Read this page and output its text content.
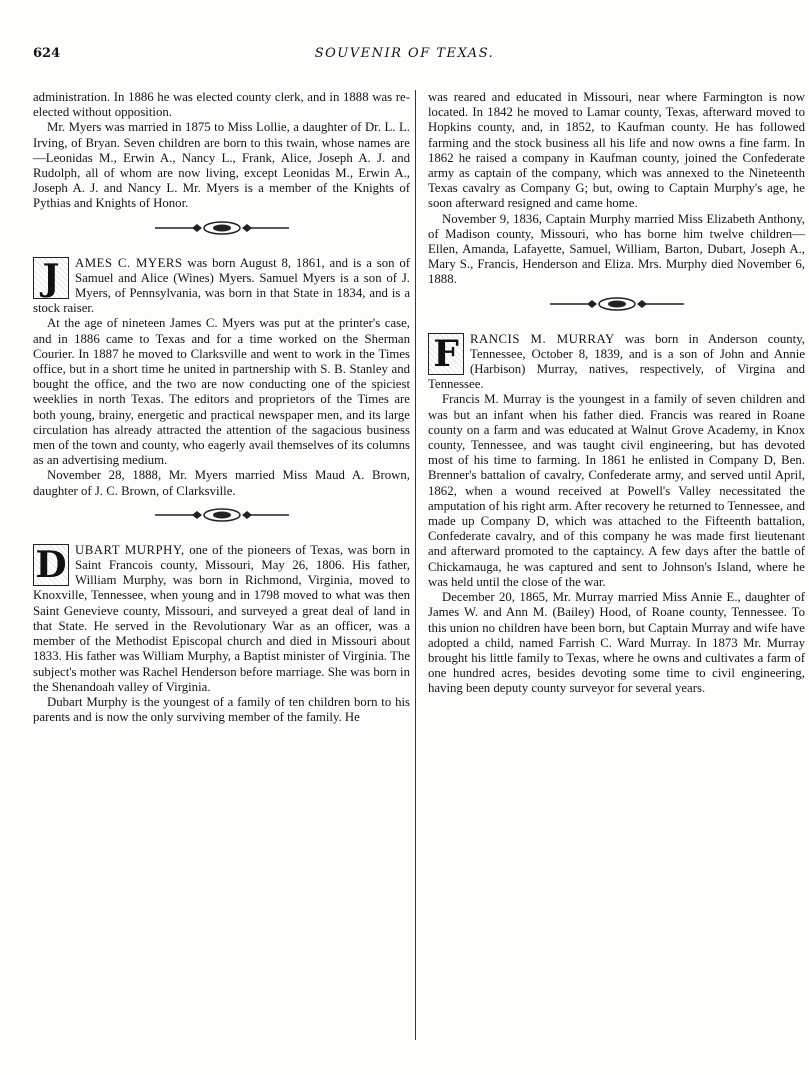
624	SOUVENIR OF TEXAS.

administration. In 1886 he was elected county clerk, and in 1888 was re-elected without opposition.

Mr. Myers was married in 1875 to Miss Lollie, a daughter of Dr. L. L. Irving, of Bryan. Seven children are born to this twain, whose names are—Leonidas M., Erwin A., Nancy L., Frank, Alice, Joseph A. J. and Rudolph, all of whom are now living, except Leonidas M., Erwin A., Joseph A. J. and Nancy L. Mr. Myers is a member of the Knights of Pythias and Knights of Honor.

J	AMES C. MYERS was born August 8, 1861, and is a son of Samuel and Alice (Wines) Myers. Samuel Myers is a son of J. Myers, of Pennsylvania, was born in that State in 1834, and is a stock raiser.

At the age of nineteen James C. Myers was put at the printer's case, and in 1886 came to Texas and for a time worked on the Sherman Courier. In 1887 he moved to Clarksville and went to work in the Times office, but in a short time he united in partnership with S. B. Stanley and bought the office, and the two are now conducting one of the spiciest weeklies in north Texas. The editors and proprietors of the Times are both young, brainy, energetic and practical newspaper men, and its large circulation has already attracted the attention of the sagacious business men of the town and county, who eagerly avail themselves of its columns as an advertising medium.

November 28, 1888, Mr. Myers married Miss Maud A. Brown, daughter of J. C. Brown, of Clarksville.

D UBART MURPHY, one of the pioneers of Texas, was born in Saint Francois county, Missouri, May 26, 1806. His father, William Murphy, was born in Richmond, Virginia, moved to Knoxville, Tennessee, when young and in 1798 moved to what was then Saint Genevieve county, Missouri, and surveyed a great deal of land in that State. He served in the Revolutionary War as an officer, was a member of the Methodist Episcopal church and died in Missouri about 1833. His father was William Murphy, a Baptist minister of Virginia. The subject's mother was Rachel Henderson before marriage. She was born in the Shenandoah valley of Virginia.

Dubart Murphy is the youngest of a family of ten children born to his parents and is now the only surviving member of the family. He

was reared and educated in Missouri, near where Farmington is now located. In 1842 he moved to Lamar county, Texas, afterward moved to Hopkins county, and, in 1852, to Kaufman county. He has followed farming and the stock business all his life and now owns a fine farm. In 1862 he raised a company in Kaufman county, joined the Confederate army as captain of the company, which was annexed to the Nineteenth Texas cavalry as Company G; but, owing to Captain Murphy's age, he soon afterward resigned and came home.

November 9, 1836, Captain Murphy married Miss Elizabeth Anthony, of Madison county, Missouri, who has borne him twelve children—Ellen, Amanda, Lafayette, Samuel, William, Barton, Dubart, Joseph A., Mary S., Francis, Henderson and Eliza. Mrs. Murphy died November 6, 1888.

F RANCIS M. MURRAY was born in Anderson county, Tennessee, October 8, 1839, and is a son of John and Annie (Harbison) Murray, natives, respectively, of Virgina and Tennessee.

Francis M. Murray is the youngest in a family of seven children and was but an infant when his father died. Francis was reared in Roane county on a farm and was educated at Walnut Grove Academy, in Knox county, Tennessee, and was taught civil engineering, but has devoted most of his time to farming. In 1861 he enlisted in Company D, Ben. Brenner's battalion of cavalry, Confederate army, and served until April, 1862, when a wound received at Powell's Valley necessitated the amputation of his right arm. After recovery he returned to Tennessee, and made up Company D, which was attached to the Fifteenth battalion, Confederate cavalry, and of this company he was made first lieutenant and afterward promoted to the captaincy. A few days after the battle of Chickamauga, he was captured and sent to Johnson's Island, where he was held until the close of the war.

December 20, 1865, Mr. Murray married Miss Annie E., daughter of James W. and Ann M. (Bailey) Hood, of Roane county, Tennessee. To this union no children have been born, but Captain Murray and wife have adopted a child, named Farrish C. Ward Murray. In 1873 Mr. Murray brought his little family to Texas, where he owns and cultivates a farm of one hundred acres, besides devoting some time to civil engineering, having been deputy county surveyor for several years.
